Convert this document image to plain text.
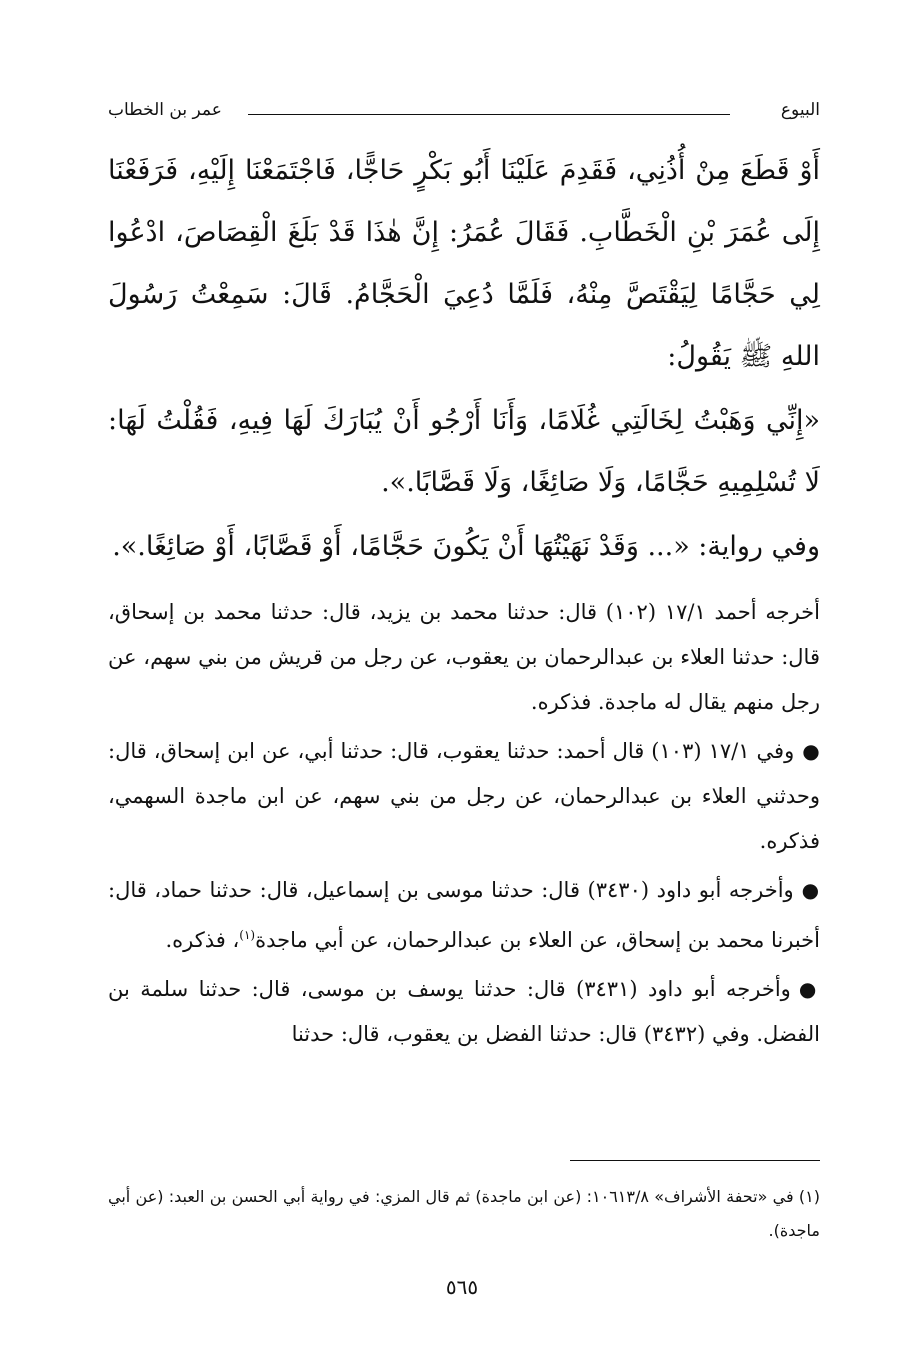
البيوع
عمر بن الخطاب

أَوْ قَطَعَ مِنْ أُذُنِي، فَقَدِمَ عَلَيْنَا أَبُو بَكْرٍ حَاجًّا، فَاجْتَمَعْنَا إِلَيْهِ، فَرَفَعْنَا إِلَى عُمَرَ بْنِ الْخَطَّابِ. فَقَالَ عُمَرُ: إِنَّ هٰذَا قَدْ بَلَغَ الْقِصَاصَ، ادْعُوا لِي حَجَّامًا لِيَقْتَصَّ مِنْهُ، فَلَمَّا دُعِيَ الْحَجَّامُ. قَالَ: سَمِعْتُ رَسُولَ اللهِ ﷺ يَقُولُ:

«إِنِّي وَهَبْتُ لِخَالَتِي غُلَامًا، وَأَنَا أَرْجُو أَنْ يُبَارَكَ لَهَا فِيهِ، فَقُلْتُ لَهَا: لَا تُسْلِمِيهِ حَجَّامًا، وَلَا صَائِغًا، وَلَا قَصَّابًا.».

وفي رواية: «... وَقَدْ نَهَيْتُهَا أَنْ يَكُونَ حَجَّامًا، أَوْ قَصَّابًا، أَوْ صَائِغًا.».

أخرجه أحمد ١٧/١ (١٠٢) قال: حدثنا محمد بن يزيد، قال: حدثنا محمد بن إسحاق، قال: حدثنا العلاء بن عبدالرحمان بن يعقوب، عن رجل من قريش من بني سهم، عن رجل منهم يقال له ماجدة. فذكره.

●وفي ١٧/١ (١٠٣) قال أحمد: حدثنا يعقوب، قال: حدثنا أبي، عن ابن إسحاق، قال: وحدثني العلاء بن عبدالرحمان، عن رجل من بني سهم، عن ابن ماجدة السهمي، فذكره.

●وأخرجه أبو داود (٣٤٣٠) قال: حدثنا موسى بن إسماعيل، قال: حدثنا حماد، قال: أخبرنا محمد بن إسحاق، عن العلاء بن عبدالرحمان، عن أبي ماجدة$^{(١)}$، فذكره.

●وأخرجه أبو داود (٣٤٣١) قال: حدثنا يوسف بن موسى، قال: حدثنا سلمة بن الفضل. وفي (٣٤٣٢) قال: حدثنا الفضل بن يعقوب، قال: حدثنا

(١) في «تحفة الأشراف» ١٠٦١٣/٨: (عن ابن ماجدة) ثم قال المزي: في رواية أبي الحسن بن العبد: (عن أبي ماجدة).

٥٦٥
